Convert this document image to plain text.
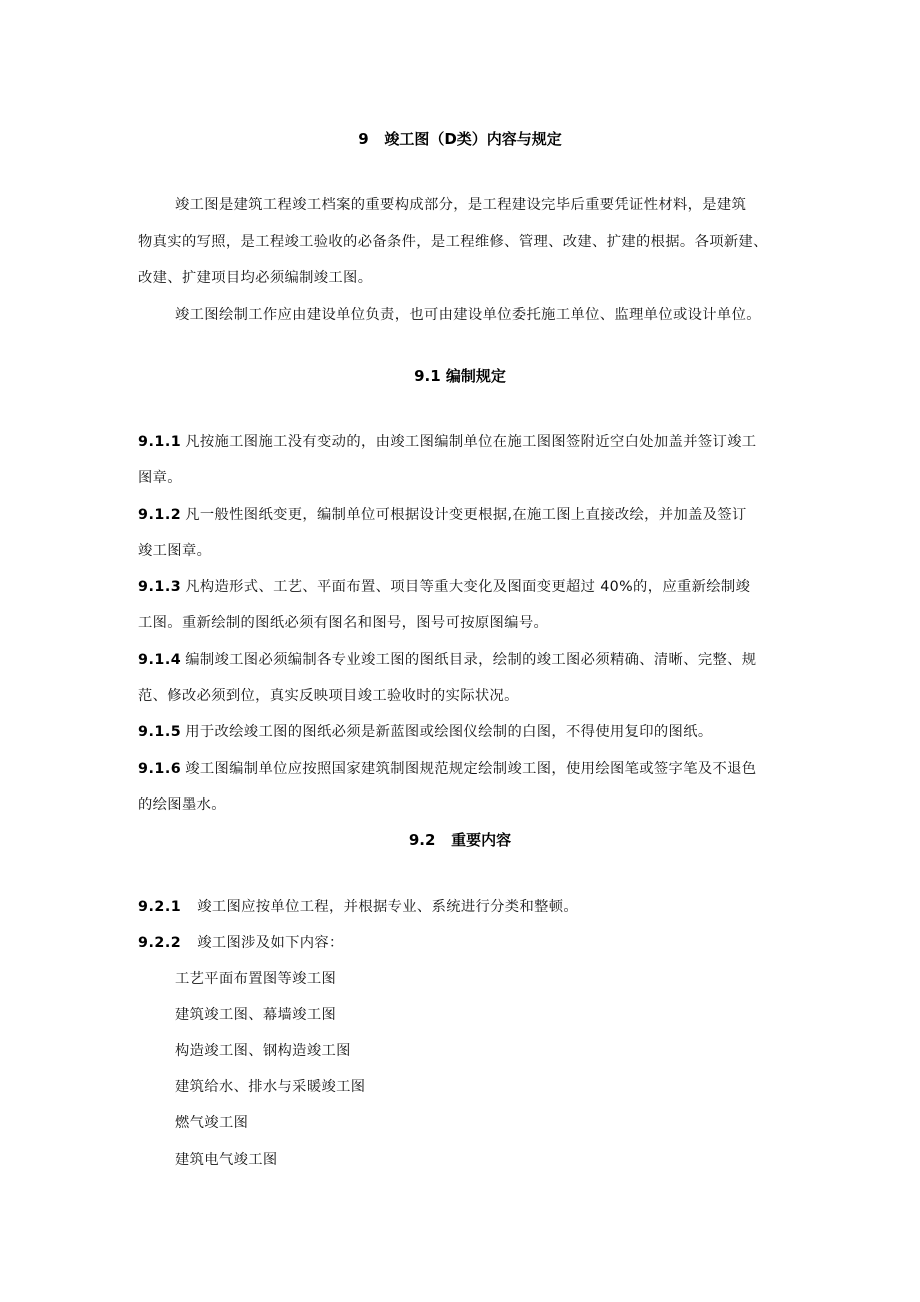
9   竣工图（D类）内容与规定
竣工图是建筑工程竣工档案的重要构成部分，是工程建设完毕后重要凭证性材料，是建筑
物真实的写照，是工程竣工验收的必备条件，是工程维修、管理、改建、扩建的根据。各项新建、
改建、扩建项目均必须编制竣工图。
竣工图绘制工作应由建设单位负责，也可由建设单位委托施工单位、监理单位或设计单位。
9.1 编制规定
9.1.1 凡按施工图施工没有变动的，由竣工图编制单位在施工图图签附近空白处加盖并签订竣工
图章。
9.1.2 凡一般性图纸变更，编制单位可根据设计变更根据,在施工图上直接改绘，并加盖及签订
竣工图章。
9.1.3 凡构造形式、工艺、平面布置、项目等重大变化及图面变更超过 40%的，应重新绘制竣
工图。重新绘制的图纸必须有图名和图号，图号可按原图编号。
9.1.4 编制竣工图必须编制各专业竣工图的图纸目录，绘制的竣工图必须精确、清晰、完整、规
范、修改必须到位，真实反映项目竣工验收时的实际状况。
9.1.5 用于改绘竣工图的图纸必须是新蓝图或绘图仪绘制的白图，不得使用复印的图纸。
9.1.6 竣工图编制单位应按照国家建筑制图规范规定绘制竣工图，使用绘图笔或签字笔及不退色
的绘图墨水。
9.2   重要内容
9.2.1 竣工图应按单位工程，并根据专业、系统进行分类和整顿。
9.2.2 竣工图涉及如下内容：
工艺平面布置图等竣工图
建筑竣工图、幕墙竣工图
构造竣工图、钢构造竣工图
建筑给水、排水与采暖竣工图
燃气竣工图
建筑电气竣工图
